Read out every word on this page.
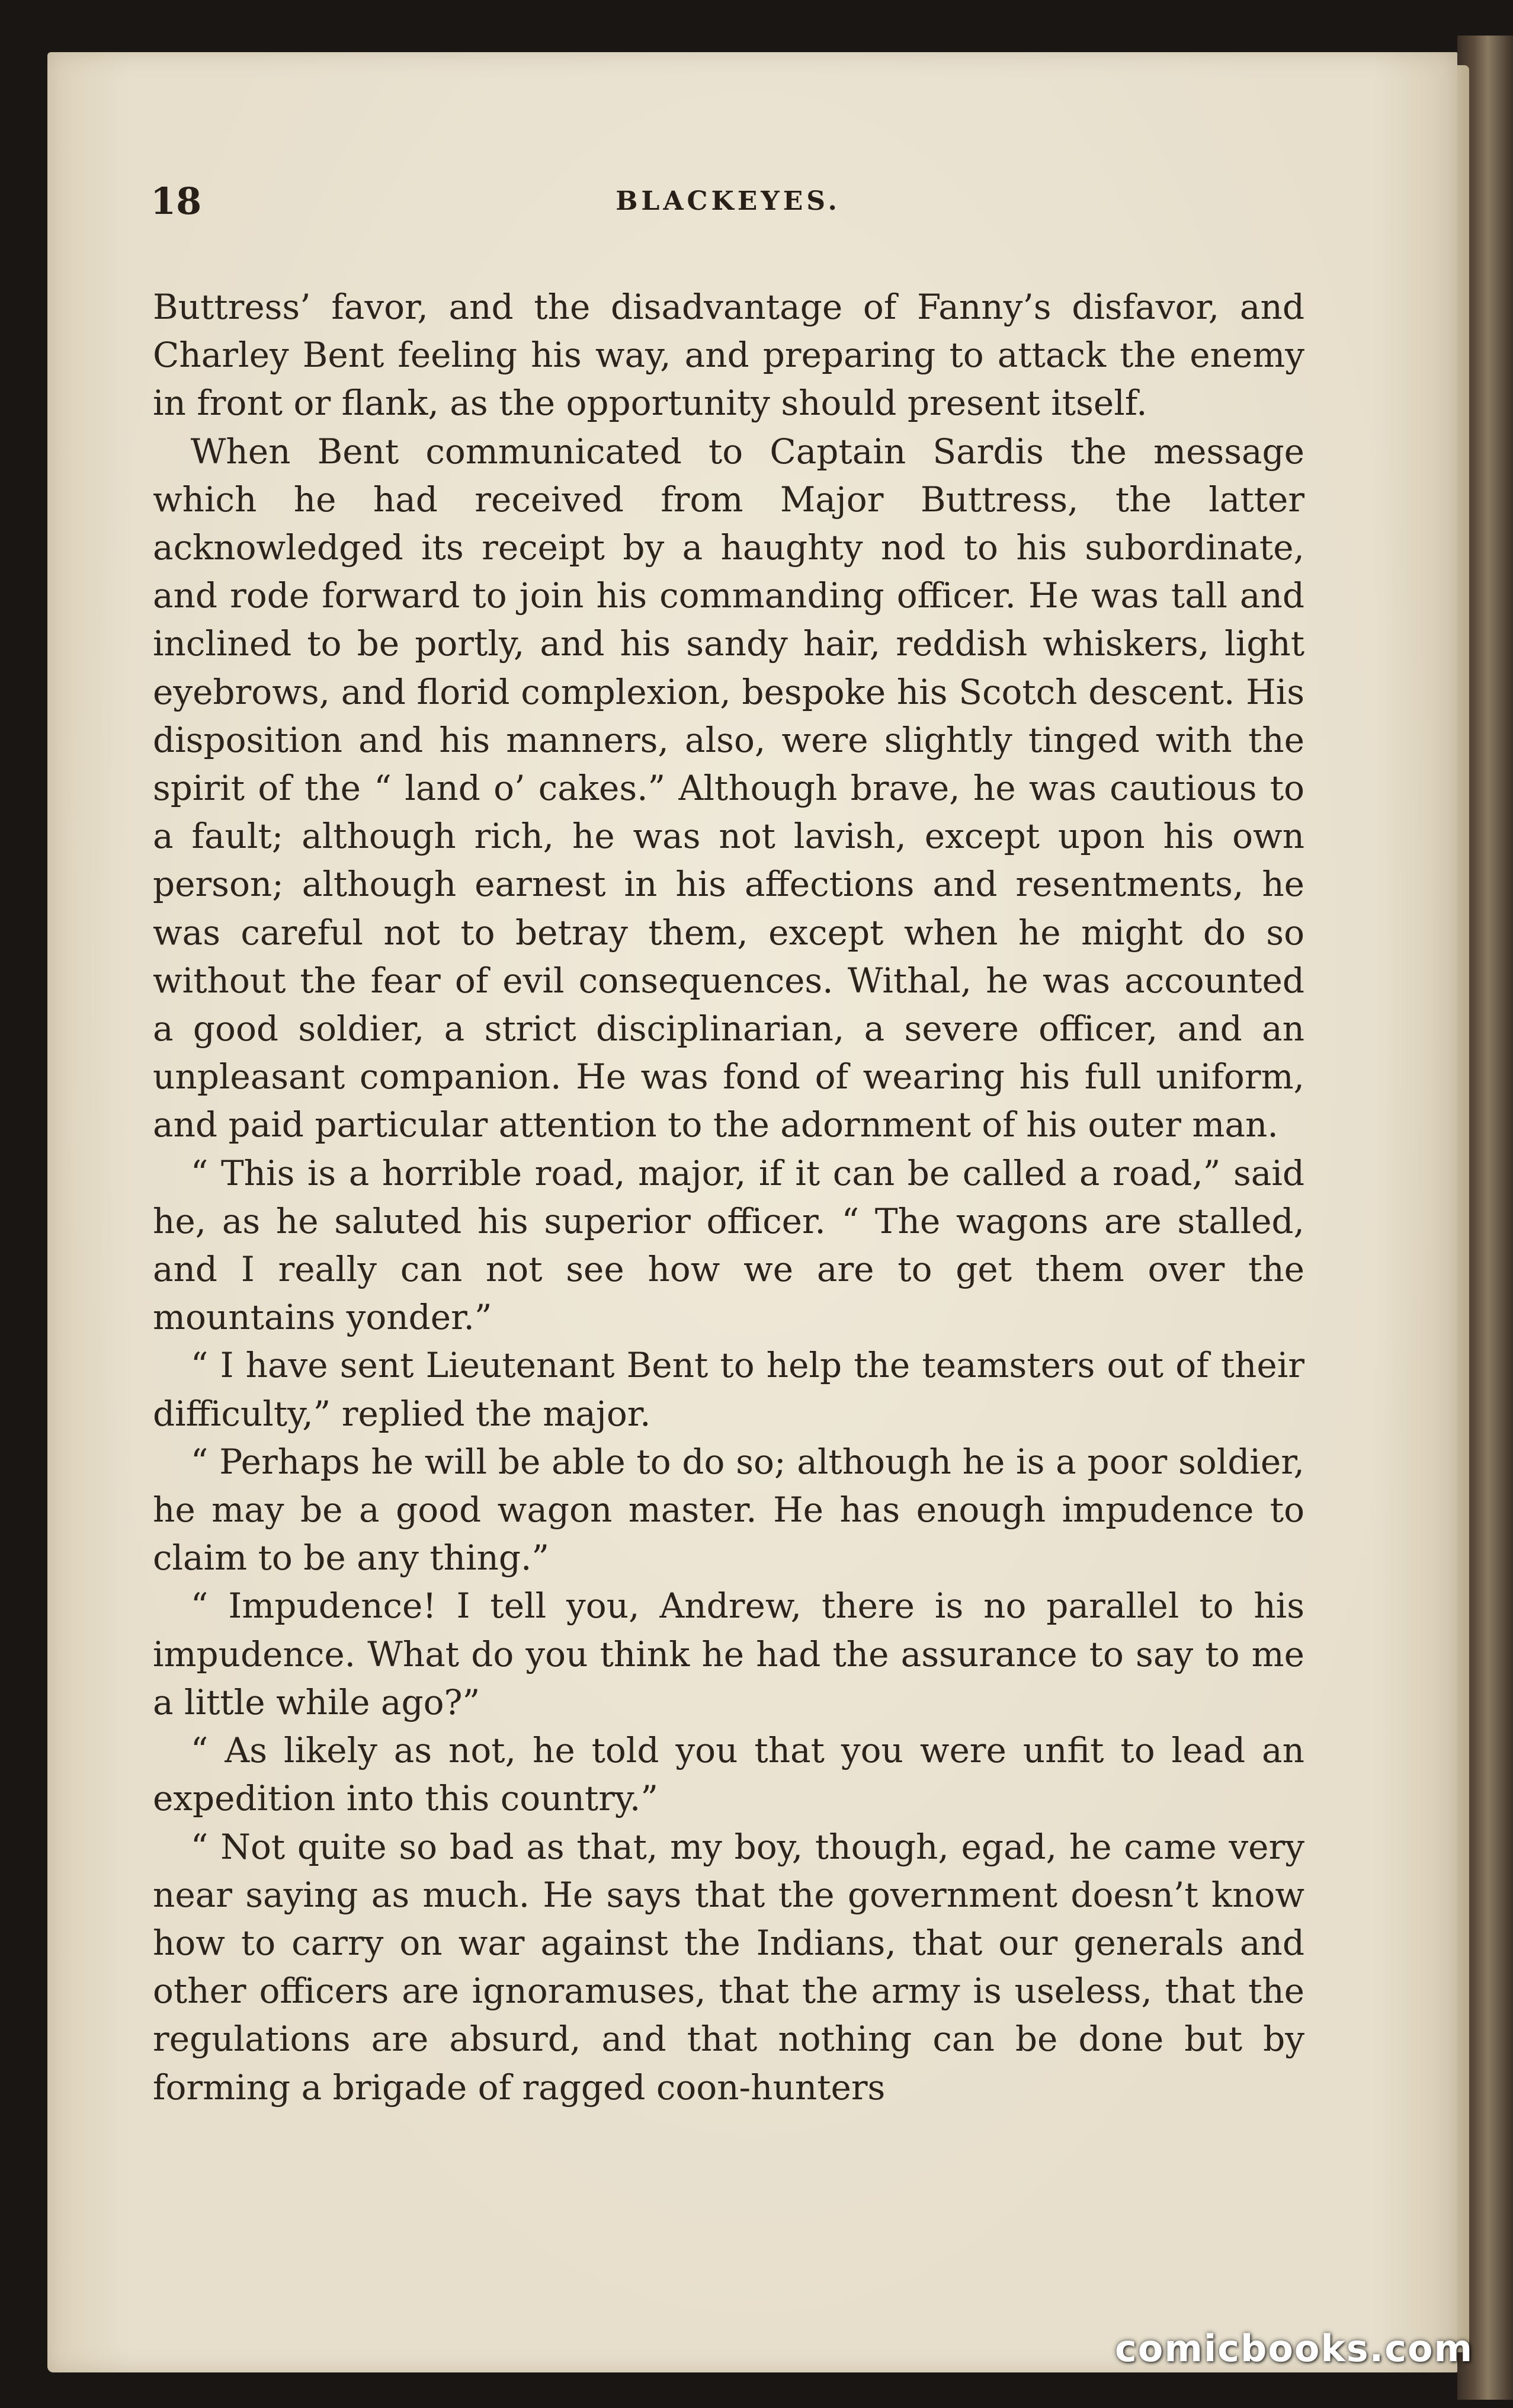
18	BLACKEYES.

Buttress’ favor, and the disadvantage of Fanny’s disfavor, and Charley Bent feeling his way, and preparing to attack the enemy in front or flank, as the opportunity should present itself.

When Bent communicated to Captain Sardis the message which he had received from Major Buttress, the latter acknowledged its receipt by a haughty nod to his subordinate, and rode forward to join his commanding officer. He was tall and inclined to be portly, and his sandy hair, reddish whiskers, light eyebrows, and florid complexion, bespoke his Scotch descent. His disposition and his manners, also, were slightly tinged with the spirit of the “ land o’ cakes.” Although brave, he was cautious to a fault; although rich, he was not lavish, except upon his own person; although earnest in his affections and resentments, he was careful not to betray them, except when he might do so without the fear of evil consequences. Withal, he was accounted a good soldier, a strict disciplinarian, a severe officer, and an unpleasant companion. He was fond of wearing his full uniform, and paid particular attention to the adornment of his outer man.

“ This is a horrible road, major, if it can be called a road,” said he, as he saluted his superior officer. “ The wagons are stalled, and I really can not see how we are to get them over the mountains yonder.”

“ I have sent Lieutenant Bent to help the teamsters out of their difficulty,” replied the major.

“ Perhaps he will be able to do so; although he is a poor soldier, he may be a good wagon master. He has enough impudence to claim to be any thing.”

“ Impudence! I tell you, Andrew, there is no parallel to his impudence. What do you think he had the assurance to say to me a little while ago?”

“ As likely as not, he told you that you were unfit to lead an expedition into this country.”

“ Not quite so bad as that, my boy, though, egad, he came very near saying as much. He says that the government doesn’t know how to carry on war against the Indians, that our generals and other officers are ignoramuses, that the army is useless, that the regulations are absurd, and that nothing can be done but by forming a brigade of ragged coon-hunters

comicbooks.com
